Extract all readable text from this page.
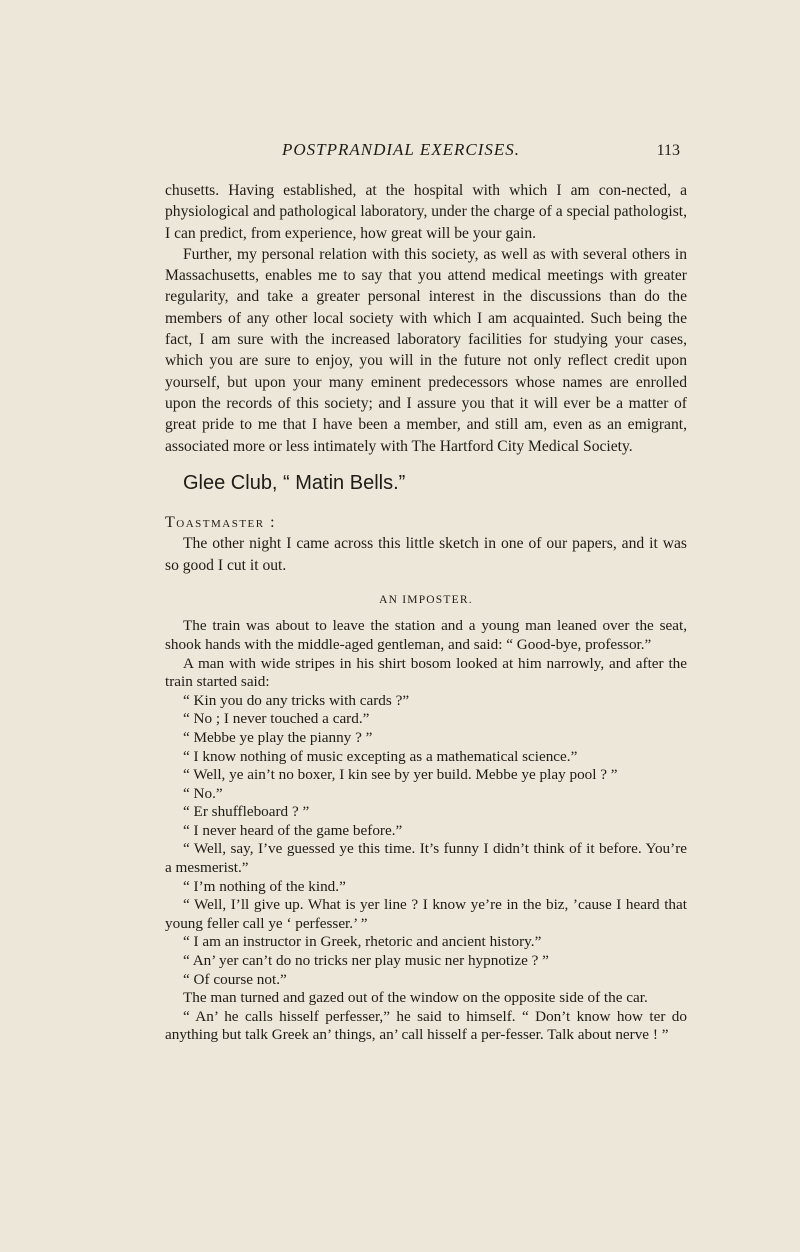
POSTPRANDIAL EXERCISES.	113

chusetts. Having established, at the hospital with which I am con-nected, a physiological and pathological laboratory, under the charge of a special pathologist, I can predict, from experience, how great will be your gain.

Further, my personal relation with this society, as well as with several others in Massachusetts, enables me to say that you attend medical meetings with greater regularity, and take a greater personal interest in the discussions than do the members of any other local society with which I am acquainted. Such being the fact, I am sure with the increased laboratory facilities for studying your cases, which you are sure to enjoy, you will in the future not only reflect credit upon yourself, but upon your many eminent predecessors whose names are enrolled upon the records of this society; and I assure you that it will ever be a matter of great pride to me that I have been a member, and still am, even as an emigrant, associated more or less intimately with The Hartford City Medical Society.

Glee Club, “ Matin Bells.”

Toastmaster :

The other night I came across this little sketch in one of our papers, and it was so good I cut it out.

AN IMPOSTER.

The train was about to leave the station and a young man leaned over the seat, shook hands with the middle-aged gentleman, and said: “ Good-bye, professor.”

A man with wide stripes in his shirt bosom looked at him narrowly, and after the train started said:

“ Kin you do any tricks with cards ?”

“ No ; I never touched a card.”

“ Mebbe ye play the pianny ? ”

“ I know nothing of music excepting as a mathematical science.”

“ Well, ye ain’t no boxer, I kin see by yer build. Mebbe ye play pool ? ”

“ No.”

“ Er shuffleboard ? ”

“ I never heard of the game before.”

“ Well, say, I’ve guessed ye this time. It’s funny I didn’t think of it before. You’re a mesmerist.”

“ I’m nothing of the kind.”

“ Well, I’ll give up. What is yer line ? I know ye’re in the biz, ’cause I heard that young feller call ye ‘ perfesser.’ ”

“ I am an instructor in Greek, rhetoric and ancient history.”

“ An’ yer can’t do no tricks ner play music ner hypnotize ? ”

“ Of course not.”

The man turned and gazed out of the window on the opposite side of the car.

“ An’ he calls hisself perfesser,” he said to himself. “ Don’t know how ter do anything but talk Greek an’ things, an’ call hisself a per-fesser. Talk about nerve ! ”
